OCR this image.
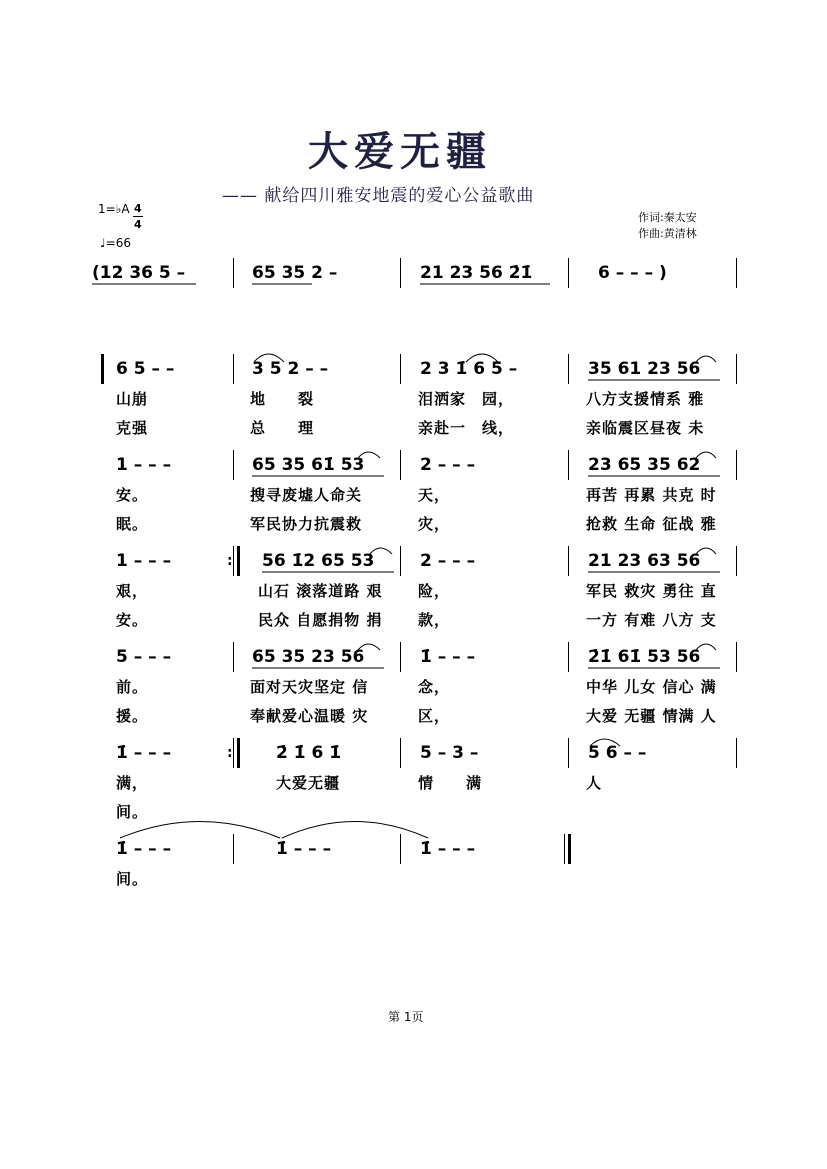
大爱无疆
—— 献给四川雅安地震的爱心公益歌曲
作词:秦太安
作曲:黄清林
1=♭A 4
4
♩=66
(12 36 5 –	65 35 2 –	21 23 56 2̇1̇	6 – – – )
6 5 – –	3 5 2 – –	2 3 1̇ 6 5 –	35 61 23 56
山崩	地　　裂	泪洒家　园，	八方支援情系 雅
克强	总　　理	亲赴一　线，	亲临震区昼夜 未
1 – – –	65 35 61̇ 53	2 – – –	23 65 35 62
安。	搜寻废墟人命关	天，	再苦 再累 共克 时
眠。	军民协力抗震救	灾，	抢救 生命 征战 雅
1 – – –	: 56 1̇2 65 53	2 – – –	21 23 63 56
艰，	山石 滚落道路 艰 险，	军民 救灾 勇往 直
安。	民众 自愿捐物 捐 款，	一方 有难 八方 支
5 – – –	65 35 23 56	1̇ – – –	2̇1̇ 61̇ 53 56
前。	面对天灾坚定 信	念，	中华 儿女 信心 满
援。	奉献爱心温暖 灾	区，	大爱 无疆 情满 人
1̇ – – –	:	2̇ 1̇ 6 1̇	5 – 3 –	5 6 – –
满，	大爱无疆	情　　满	人
间。
1̇ – – –	1̇ – – –	1̇ – – –
间。
第 1页
